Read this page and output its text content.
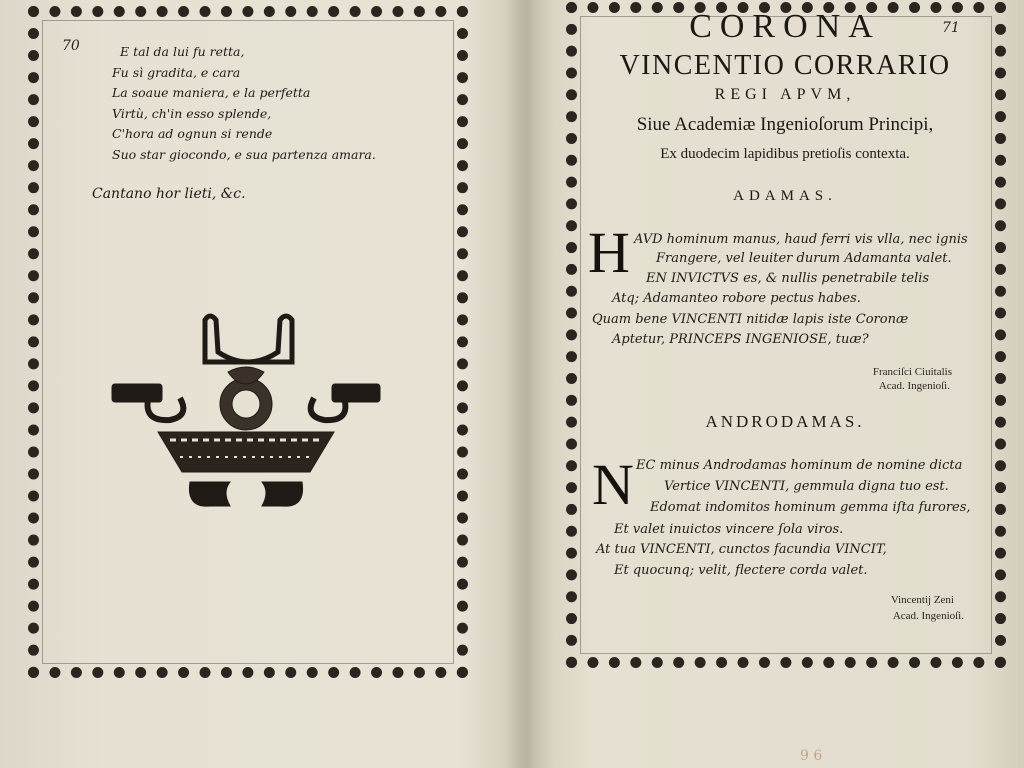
70	E tal da lui fu retta,
Fu sì gradita, e cara
La soaue maniera, e la perfetta
Virtù, ch'in esso splende,
C'hora ad ognun si rende
Suo star giocondo, e sua partenza amara.
Cantano hor lieti, &c.
71
CORONA
VINCENTIO CORRARIO
REGI APVM,
Siue Academiæ Ingenioſorum Principi,
Ex duodecim lapidibus pretioſis contexta.
ADAMAS.
H AVD hominum manus, haud ferri vis vlla, nec ignis
Frangere, vel leuiter durum Adamanta valet.
EN INVICTVS es, & nullis penetrabile telis
Atq; Adamanteo robore pectus habes.
Quam bene VINCENTI nitidæ lapis iste Coronæ
Aptetur, PRINCEPS INGENIOSE, tuæ?
Franciſci Ciuitalis
Acad. Ingenioſi.
ANDRODAMAS.
N EC minus Androdamas hominum de nomine dicta
Vertice VINCENTI, gemmula digna tuo est.
Edomat indomitos hominum gemma iſta furores,
Et valet inuictos vincere ſola viros.
At tua VINCENTI, cunctos facundia VINCIT,
Et quocunq; velit, flectere corda valet.
Vincentij Zeni
Acad. Ingenioſi.
9 6
